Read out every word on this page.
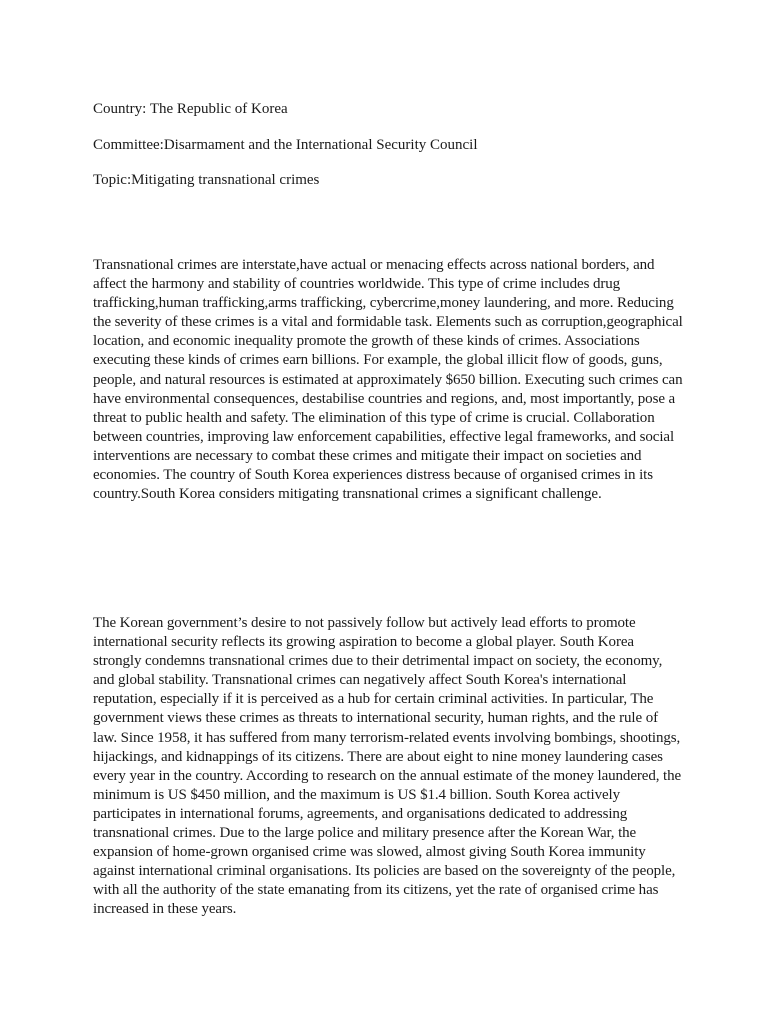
Country: The Republic of Korea
Committee:Disarmament and the International Security Council
Topic:Mitigating transnational crimes

Transnational crimes are interstate,have actual or menacing effects across national borders, and affect the harmony and stability of countries worldwide. This type of crime includes drug trafficking,human trafficking,arms trafficking, cybercrime,money laundering, and more. Reducing the severity of these crimes is a vital and formidable task. Elements such as corruption,geographical location, and economic inequality promote the growth of these kinds of crimes. Associations executing these kinds of crimes earn billions. For example, the global illicit flow of goods, guns, people, and natural resources is estimated at approximately $650 billion. Executing such crimes can have environmental consequences, destabilise countries and regions, and, most importantly, pose a threat to public health and safety. The elimination of this type of crime is crucial. Collaboration between countries, improving law enforcement capabilities, effective legal frameworks, and social interventions are necessary to combat these crimes and mitigate their impact on societies and economies. The country of South Korea experiences distress because of organised crimes in its country.South Korea considers mitigating transnational crimes a significant challenge.

The Korean government’s desire to not passively follow but actively lead efforts to promote international security reflects its growing aspiration to become a global player. South Korea strongly condemns transnational crimes due to their detrimental impact on society, the economy, and global stability. Transnational crimes can negatively affect South Korea's international reputation, especially if it is perceived as a hub for certain criminal activities. In particular, The government views these crimes as threats to international security, human rights, and the rule of law. Since 1958, it has suffered from many terrorism-related events involving bombings, shootings, hijackings, and kidnappings of its citizens. There are about eight to nine money laundering cases every year in the country. According to research on the annual estimate of the money laundered, the minimum is US $450 million, and the maximum is US $1.4 billion. South Korea actively participates in international forums, agreements, and organisations dedicated to addressing transnational crimes. Due to the large police and military presence after the Korean War, the expansion of home-grown organised crime was slowed, almost giving South Korea immunity against international criminal organisations. Its policies are based on the sovereignty of the people, with all the authority of the state emanating from its citizens, yet the rate of organised crime has increased in these years.
